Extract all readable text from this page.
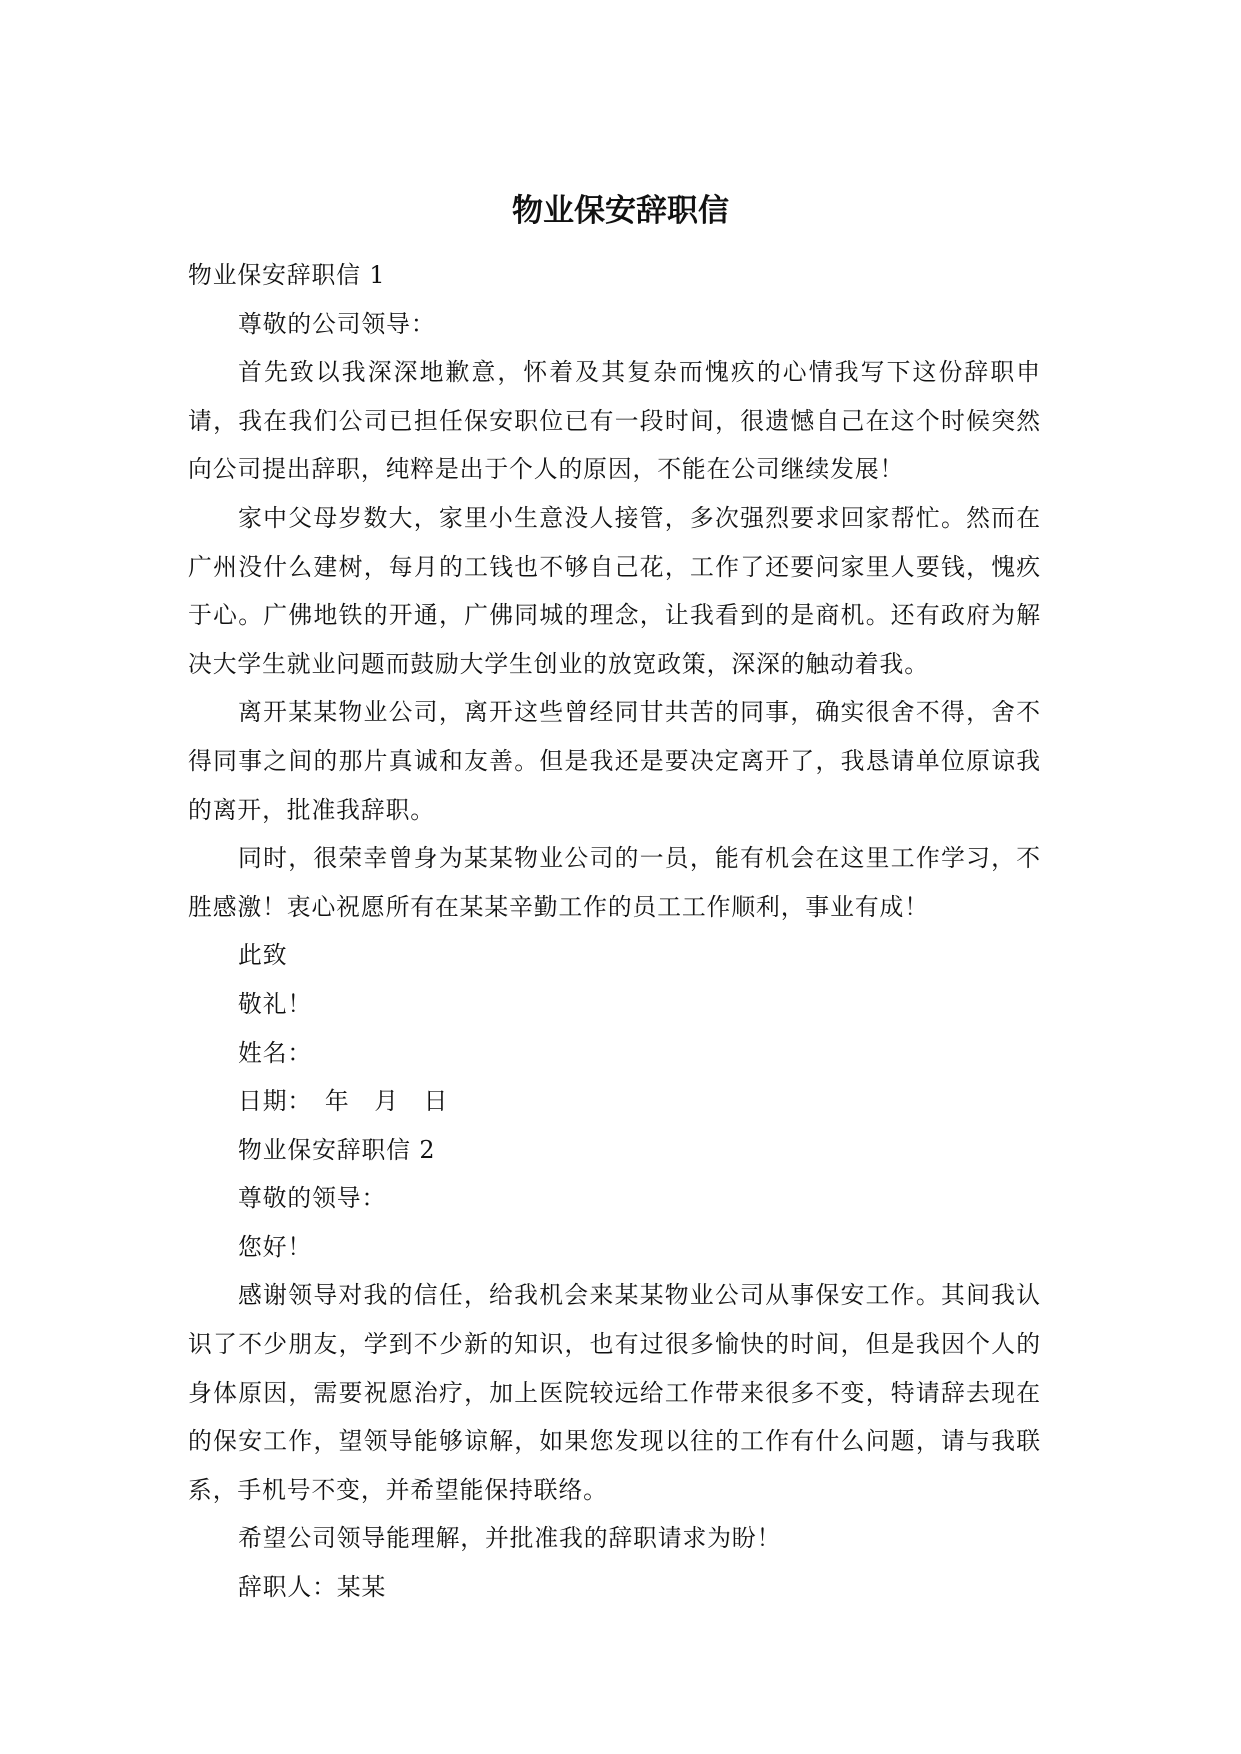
物业保安辞职信

物业保安辞职信 1

尊敬的公司领导：

首先致以我深深地歉意，怀着及其复杂而愧疚的心情我写下这份辞职申请，我在我们公司已担任保安职位已有一段时间，很遗憾自己在这个时候突然向公司提出辞职，纯粹是出于个人的原因，不能在公司继续发展！

家中父母岁数大，家里小生意没人接管，多次强烈要求回家帮忙。然而在广州没什么建树，每月的工钱也不够自己花，工作了还要问家里人要钱，愧疚于心。广佛地铁的开通，广佛同城的理念，让我看到的是商机。还有政府为解决大学生就业问题而鼓励大学生创业的放宽政策，深深的触动着我。

离开某某物业公司，离开这些曾经同甘共苦的同事，确实很舍不得，舍不得同事之间的那片真诚和友善。但是我还是要决定离开了，我恳请单位原谅我的离开，批准我辞职。

同时，很荣幸曾身为某某物业公司的一员，能有机会在这里工作学习，不胜感激！衷心祝愿所有在某某辛勤工作的员工工作顺利，事业有成！

此致

敬礼！

姓名：

日期：　年　月　日

物业保安辞职信 2

尊敬的领导：

您好！

感谢领导对我的信任，给我机会来某某物业公司从事保安工作。其间我认识了不少朋友，学到不少新的知识，也有过很多愉快的时间，但是我因个人的身体原因，需要祝愿治疗，加上医院较远给工作带来很多不变，特请辞去现在的保安工作，望领导能够谅解，如果您发现以往的工作有什么问题，请与我联系，手机号不变，并希望能保持联络。

希望公司领导能理解，并批准我的辞职请求为盼！

辞职人：某某
